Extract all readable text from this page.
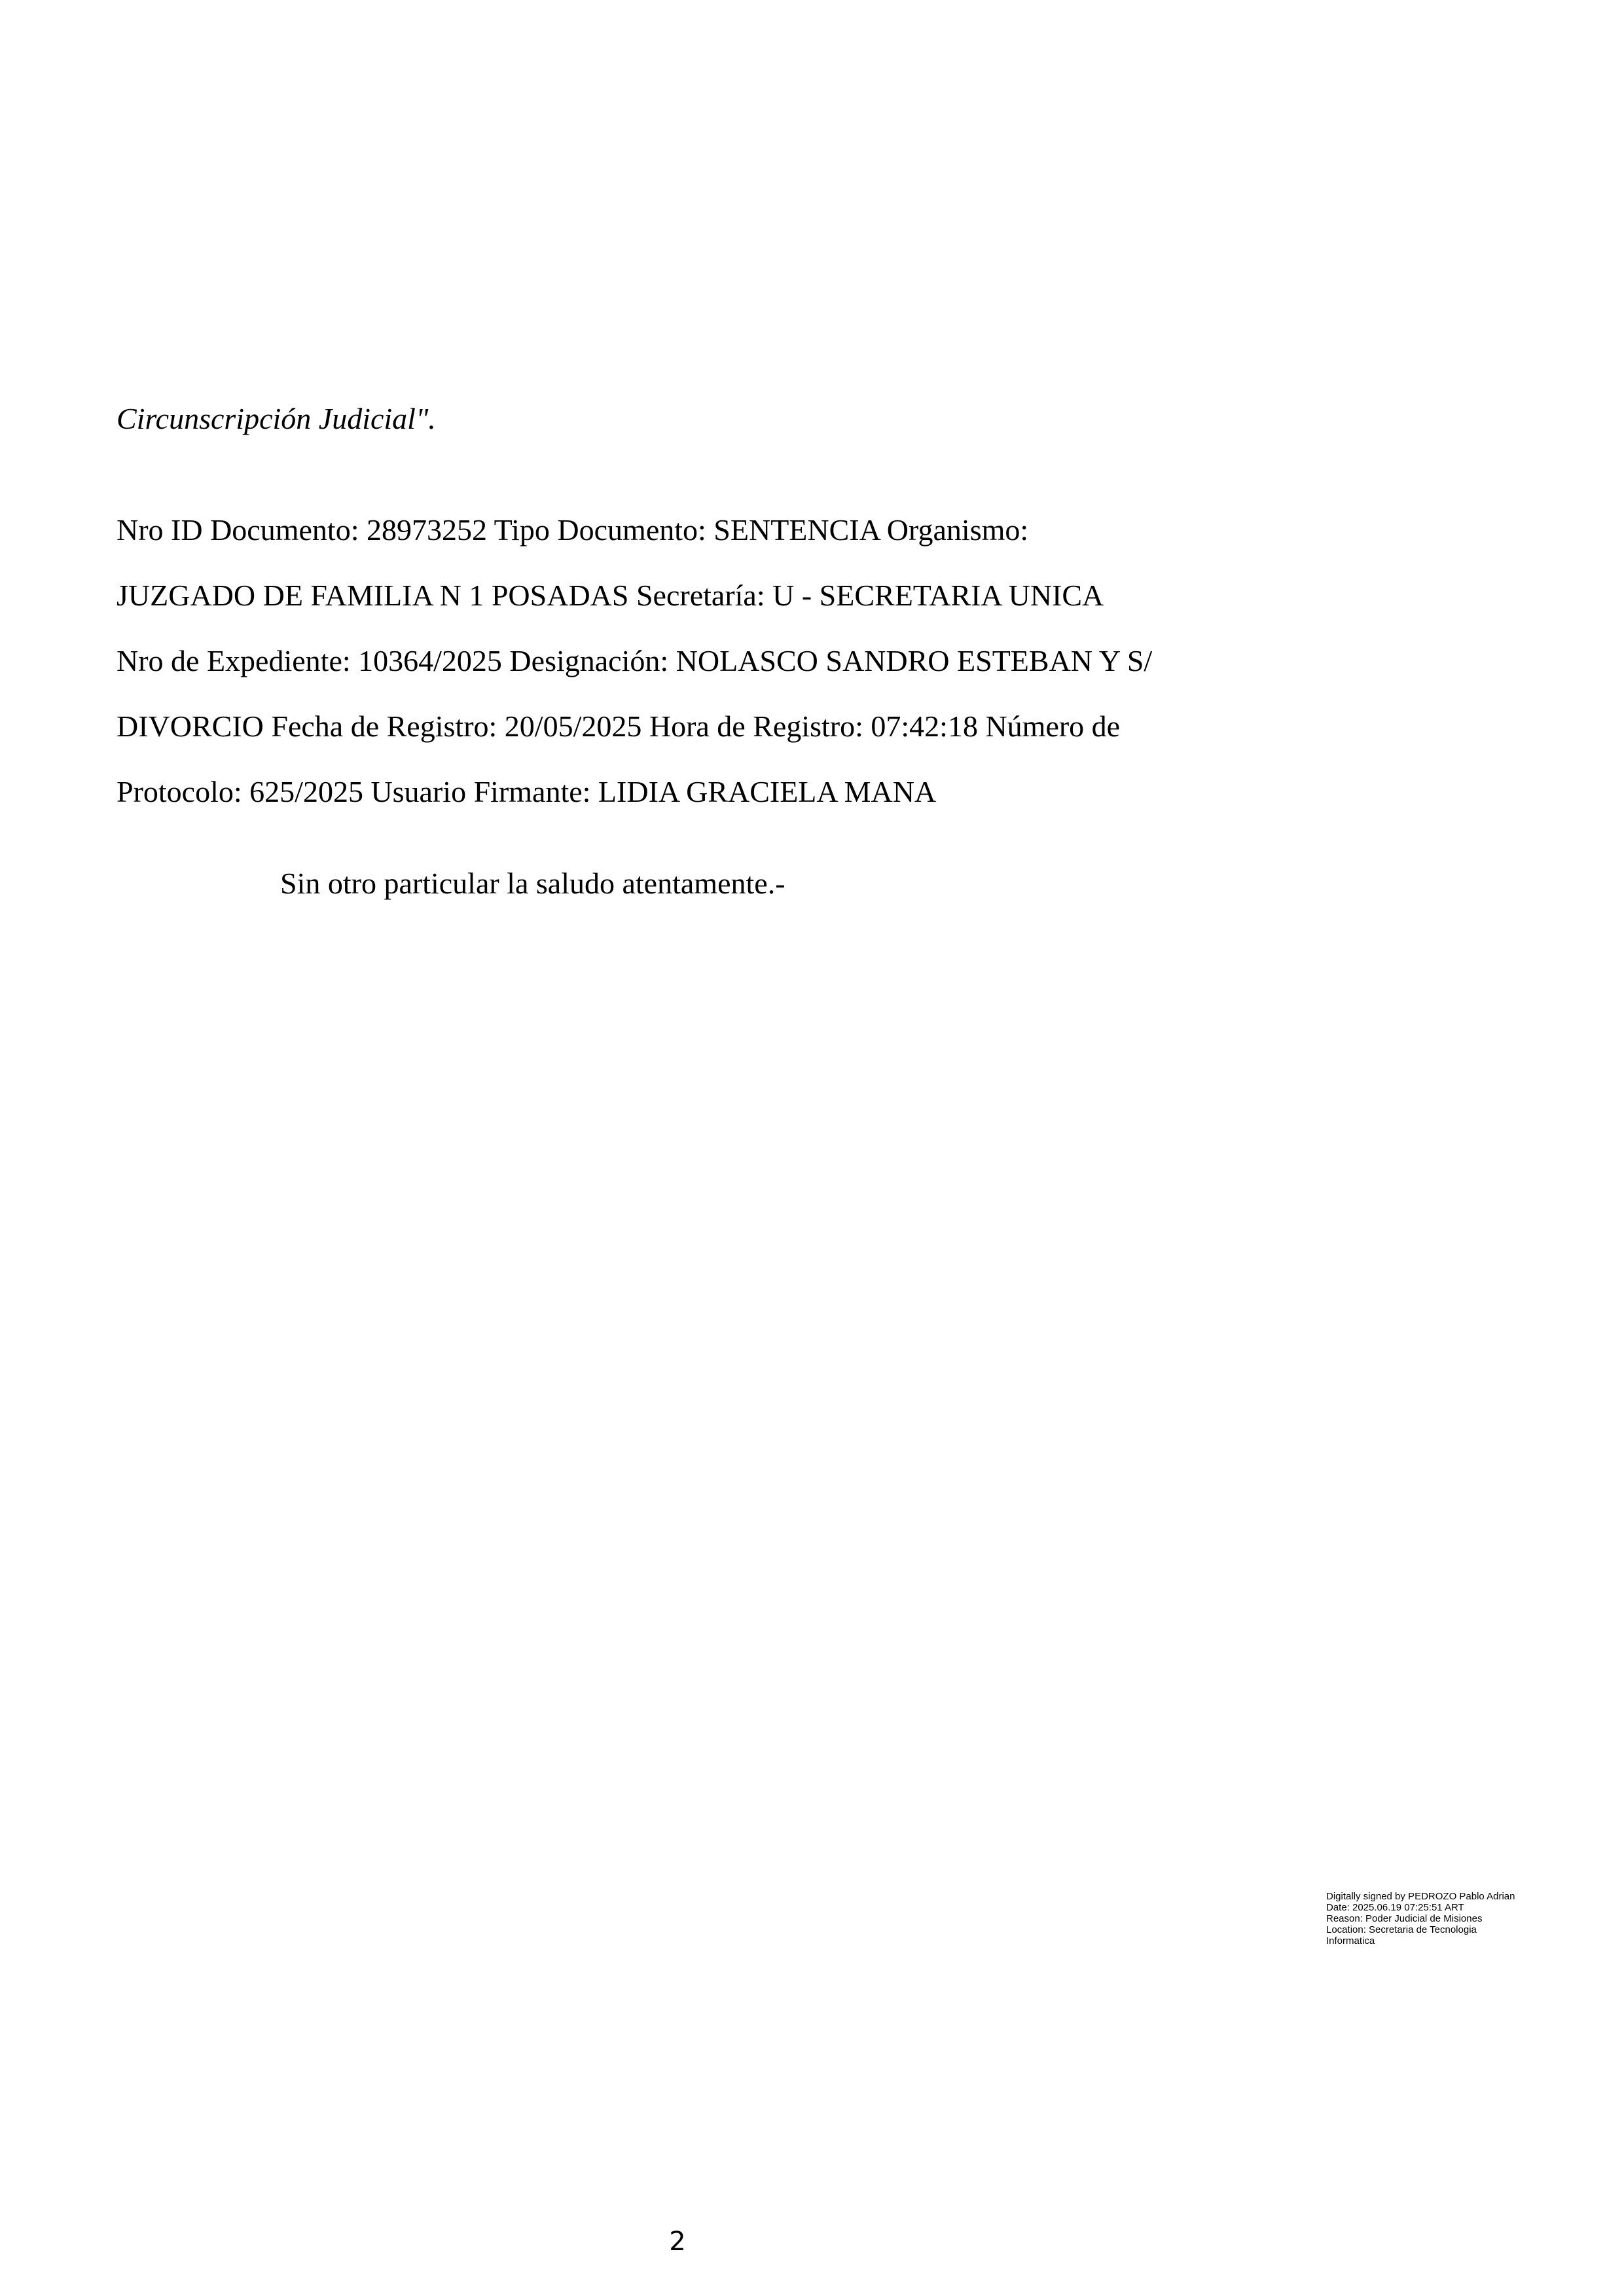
Circunscripción Judicial".
Nro ID Documento: 28973252 Tipo Documento: SENTENCIA Organismo:
JUZGADO DE FAMILIA N 1 POSADAS Secretaría: U - SECRETARIA UNICA
Nro de Expediente: 10364/2025 Designación: NOLASCO SANDRO ESTEBAN Y S/
DIVORCIO Fecha de Registro: 20/05/2025 Hora de Registro: 07:42:18 Número de
Protocolo: 625/2025 Usuario Firmante: LIDIA GRACIELA MANA
Sin otro particular la saludo atentamente.-
Digitally signed by PEDROZO Pablo Adrian
Date: 2025.06.19 07:25:51 ART
Reason: Poder Judicial de Misiones
Location: Secretaria de Tecnologia
Informatica
2
